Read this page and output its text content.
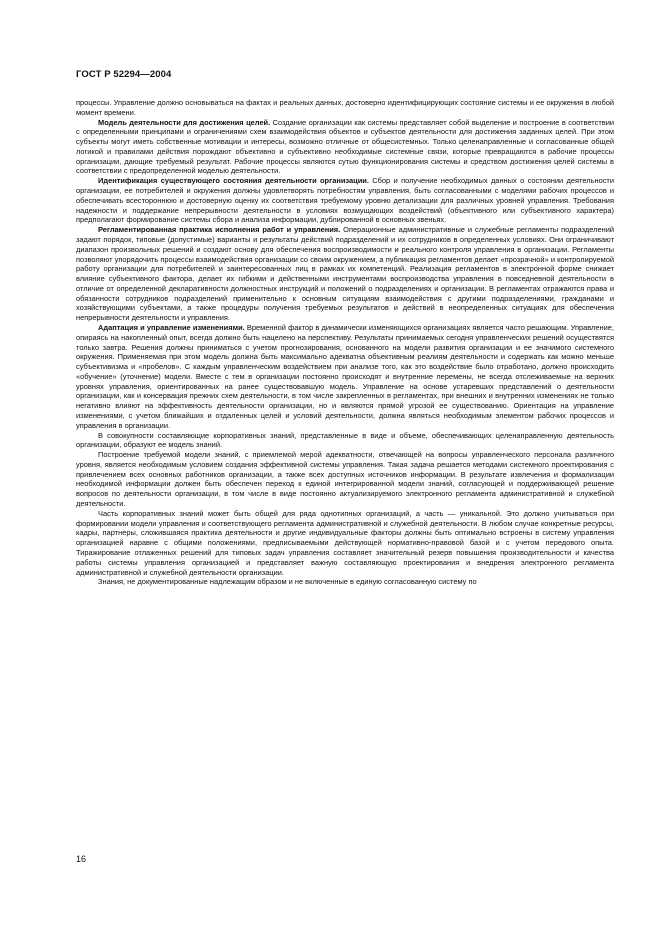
ГОСТ Р 52294—2004

процессы. Управление должно основываться на фактах и реальных данных, достоверно идентифицирующих состояние системы и ее окружения в любой момент времени.

Модель деятельности для достижения целей. Создание организации как системы представляет собой выделение и построение в соответствии с определенными принципами и ограничениями схем взаимодействия объектов и субъектов деятельности для достижения заданных целей. При этом субъекты могут иметь собственные мотивации и интересы, возможно отличные от общесистемных. Только целенаправленные и согласованные общей логикой и правилами действия порождают объективно и субъективно необходимые системные связи, которые превращаются в рабочие процессы организации, дающие требуемый результат. Рабочие процессы являются сутью функционирования системы и средством достижения целей системы в соответствии с предопределенной моделью деятельности.

Идентификация существующего состояния деятельности организации. Сбор и получение необходимых данных о состоянии деятельности организации, ее потребителей и окружения должны удовлетворять потребностям управления, быть согласованными с моделями рабочих процессов и обеспечивать всестороннюю и достоверную оценку их соответствия требуемому уровню детализации для различных уровней управления. Требования надежности и поддержание непрерывности деятельности в условиях возмущающих воздействий (объективного или субъективного характера) предполагают формирование системы сбора и анализа информации, дублированной в основных звеньях.

Регламентированная практика исполнения работ и управления. Операционные административные и служебные регламенты подразделений задают порядок, типовые (допустимые) варианты и результаты действий подразделений и их сотрудников в определенных условиях. Они ограничивают диапазон произвольных решений и создают основу для обеспечения воспроизводимости и реального контроля управления в организации. Регламенты позволяют упорядочить процессы взаимодействия организации со своим окружением, а публикация регламентов делает «прозрачной» и контролируемой работу организации для потребителей и заинтересованных лиц в рамках их компетенций. Реализация регламентов в электронной форме снижает влияние субъективного фактора, делает их гибкими и действенными инструментами воспроизводства управления в повседневной деятельности в отличие от определенной декларативности должностных инструкций и положений о подразделениях и организации. В регламентах отражаются права и обязанности сотрудников подразделений применительно к основным ситуациям взаимодействия с другими подразделениями, гражданами и хозяйствующими субъектами, а также процедуры получения требуемых результатов и действий в неопределенных ситуациях для обеспечения непрерывности деятельности и управления.

Адаптация и управление изменениями. Временной фактор в динамически изменяющихся организациях является часто решающим. Управление, опираясь на накопленный опыт, всегда должно быть нацелено на перспективу. Результаты принимаемых сегодня управленческих решений осуществятся только завтра. Решения должны приниматься с учетом прогнозирования, основанного на модели развития организации и ее значимого системного окружения. Применяемая при этом модель должна быть максимально адекватна объективным реалиям деятельности и содержать как можно меньше субъективизма и «пробелов». С каждым управленческим воздействием при анализе того, как это воздействие было отработано, должно происходить «обучение» (уточнение) модели. Вместе с тем в организации постоянно происходят и внутренние перемены, не всегда отслеживаемые на верхних уровнях управления, ориентированных на ранее существовавшую модель. Управление на основе устаревших представлений о деятельности организации, как и консервация прежних схем деятельности, в том числе закрепленных в регламентах, при внешних и внутренних изменениях не только негативно влияют на эффективность деятельности организации, но и являются прямой угрозой ее существованию. Ориентация на управление изменениями, с учетом ближайших и отдаленных целей и условий деятельности, должна являться необходимым элементом рабочих процессов и управления в организации.

В совокупности составляющие корпоративных знаний, представленные в виде и объеме, обеспечивающих целенаправленную деятельность организации, образуют ее модель знаний.

Построение требуемой модели знаний, с приемлемой мерой адекватности, отвечающей на вопросы управленческого персонала различного уровня, является необходимым условием создания эффективной системы управления. Такая задача решается методами системного проектирования с привлечением всех основных работников организации, а также всех доступных источников информации. В результате извлечения и формализации необходимой информации должен быть обеспечен переход к единой интегрированной модели знаний, согласующей и поддерживающей решение вопросов по деятельности организации, в том числе в виде постоянно актуализируемого электронного регламента административной и служебной деятельности.

Часть корпоративных знаний может быть общей для ряда однотипных организаций, а часть — уникальной. Это должно учитываться при формировании модели управления и соответствующего регламента административной и служебной деятельности. В любом случае конкретные ресурсы, кадры, партнеры, сложившаяся практика деятельности и другие индивидуальные факторы должны быть оптимально встроены в систему управления организацией наравне с общими положениями, предписываемыми действующей нормативно-правовой базой и с учетом передового опыта. Тиражирование отлаженных решений для типовых задач управления составляет значительный резерв повышения производительности и качества работы системы управления организацией и представляет важную составляющую проектирования и внедрения электронного регламента административной и служебной деятельности организации.

Знания, не документированные надлежащим образом и не включенные в единую согласованную систему по

16
